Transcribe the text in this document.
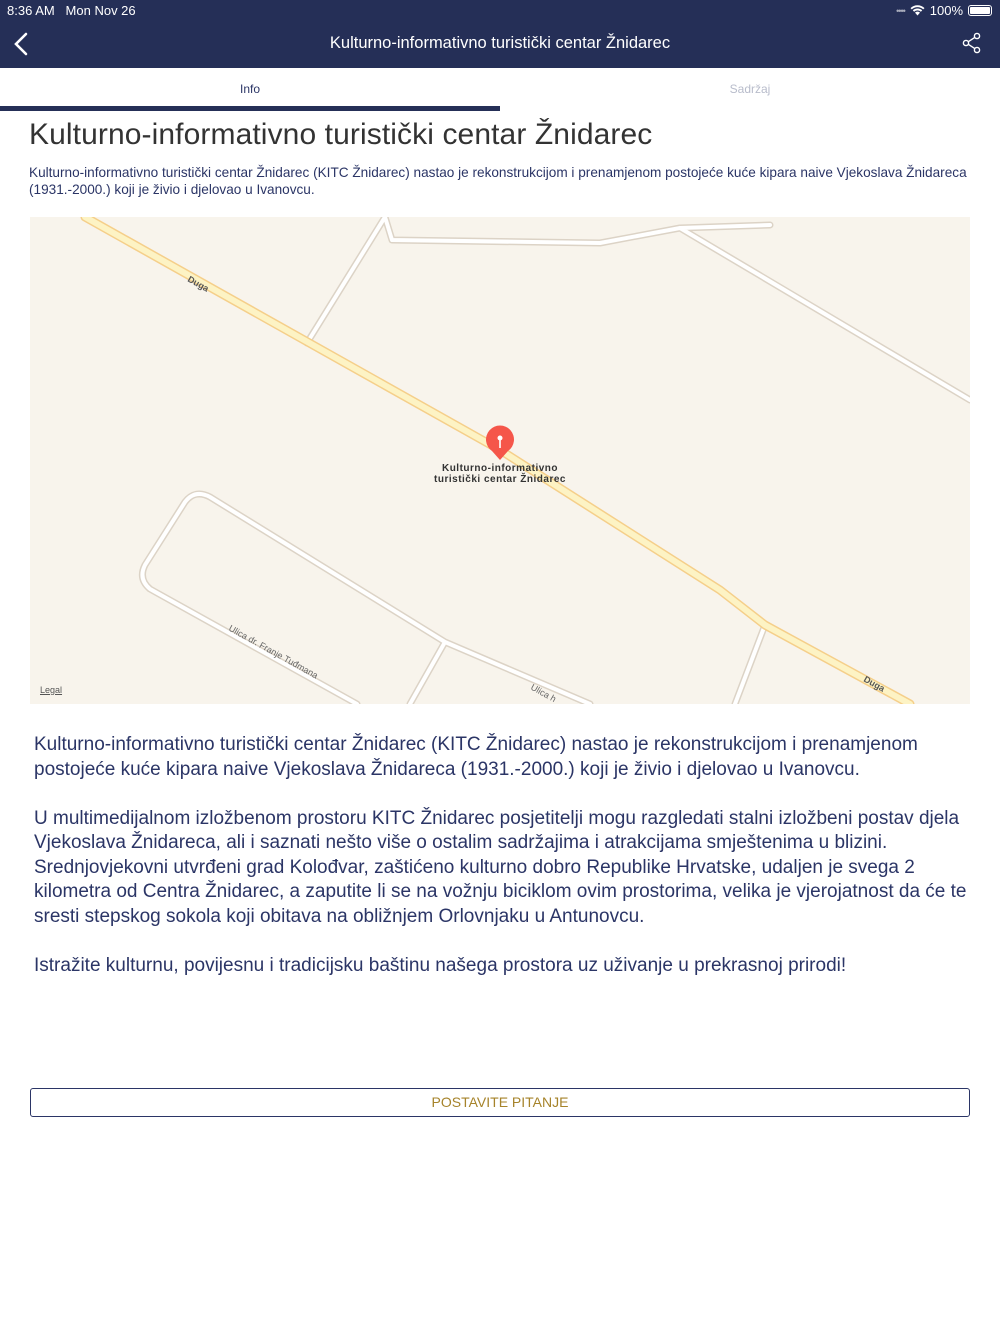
8:36 AM Mon Nov 26	•••• 100%
Kulturno-informativno turistički centar Žnidarec
Info	Sadržaj
Kulturno-informativno turistički centar Žnidarec
Kulturno-informativno turistički centar Žnidarec (KITC Žnidarec) nastao je rekonstrukcijom i prenamjenom postojeće kuće kipara naive Vjekoslava Žnidareca (1931.-2000.) koji je živio i djelovao u Ivanovcu.
Duga
Duga
Ulica dr. Franje Tuđmana
Ulica h
Kulturno-informativno turistički centar Žnidarec
Legal

Kulturno-informativno turistički centar Žnidarec (KITC Žnidarec) nastao je rekonstrukcijom i prenamjenom postojeće kuće kipara naive Vjekoslava Žnidareca (1931.-2000.) koji je živio i djelovao u Ivanovcu.

U multimedijalnom izložbenom prostoru KITC Žnidarec posjetitelji mogu razgledati stalni izložbeni postav djela Vjekoslava Žnidareca, ali i saznati nešto više o ostalim sadržajima i atrakcijama smještenima u blizini. Srednjovjekovni utvrđeni grad Kolođvar, zaštićeno kulturno dobro Republike Hrvatske, udaljen je svega 2 kilometra od Centra Žnidarec, a zaputite li se na vožnju biciklom ovim prostorima, velika je vjerojatnost da će te sresti stepskog sokola koji obitava na obližnjem Orlovnjaku u Antunovcu.

Istražite kulturnu, povijesnu i tradicijsku baštinu našega prostora uz uživanje u prekrasnoj prirodi!

POSTAVITE PITANJE
